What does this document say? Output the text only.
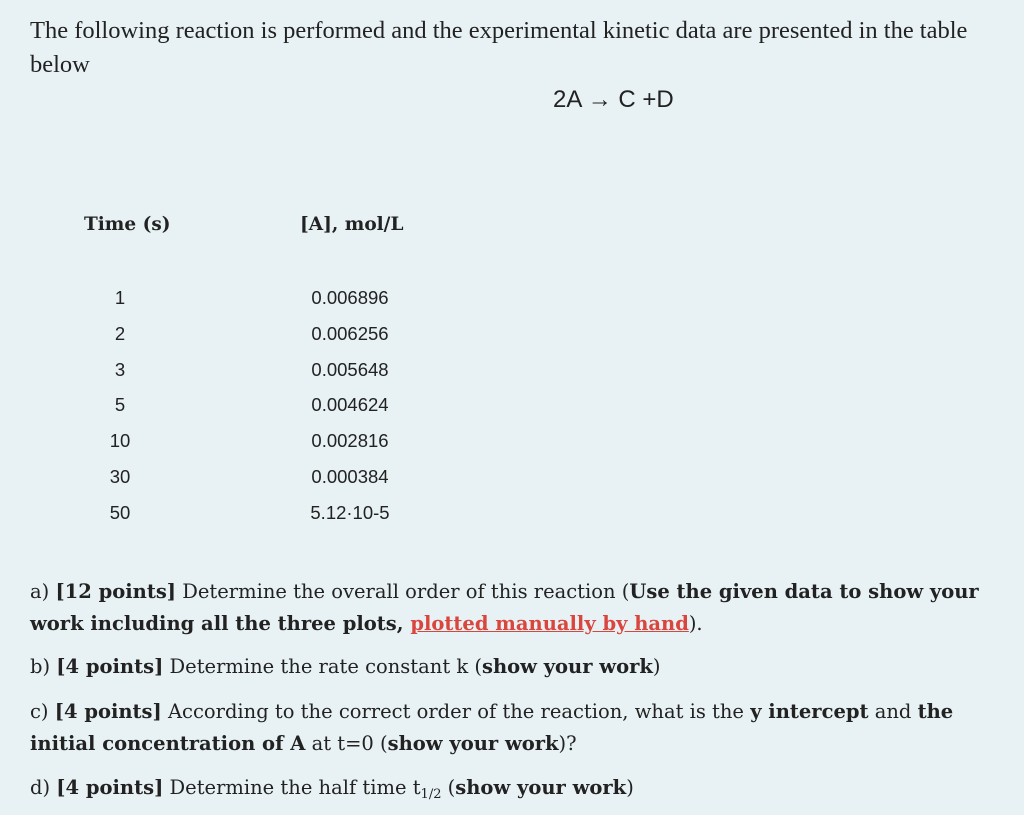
The following reaction is performed and the experimental kinetic data are presented in the table below
2A → C +D
Time (s)	[A], mol/L
1
2
3
5
10
30
50
0.006896
0.006256
0.005648
0.004624
0.002816
0.000384
5.12·10-5
a) [12 points] Determine the overall order of this reaction (Use the given data to show your work including all the three plots, plotted manually by hand).
b) [4 points] Determine the rate constant k (show your work)
c) [4 points] According to the correct order of the reaction, what is the y intercept and the initial concentration of A at t=0 (show your work)?
d) [4 points] Determine the half time $t_{1/2}$ (show your work)
